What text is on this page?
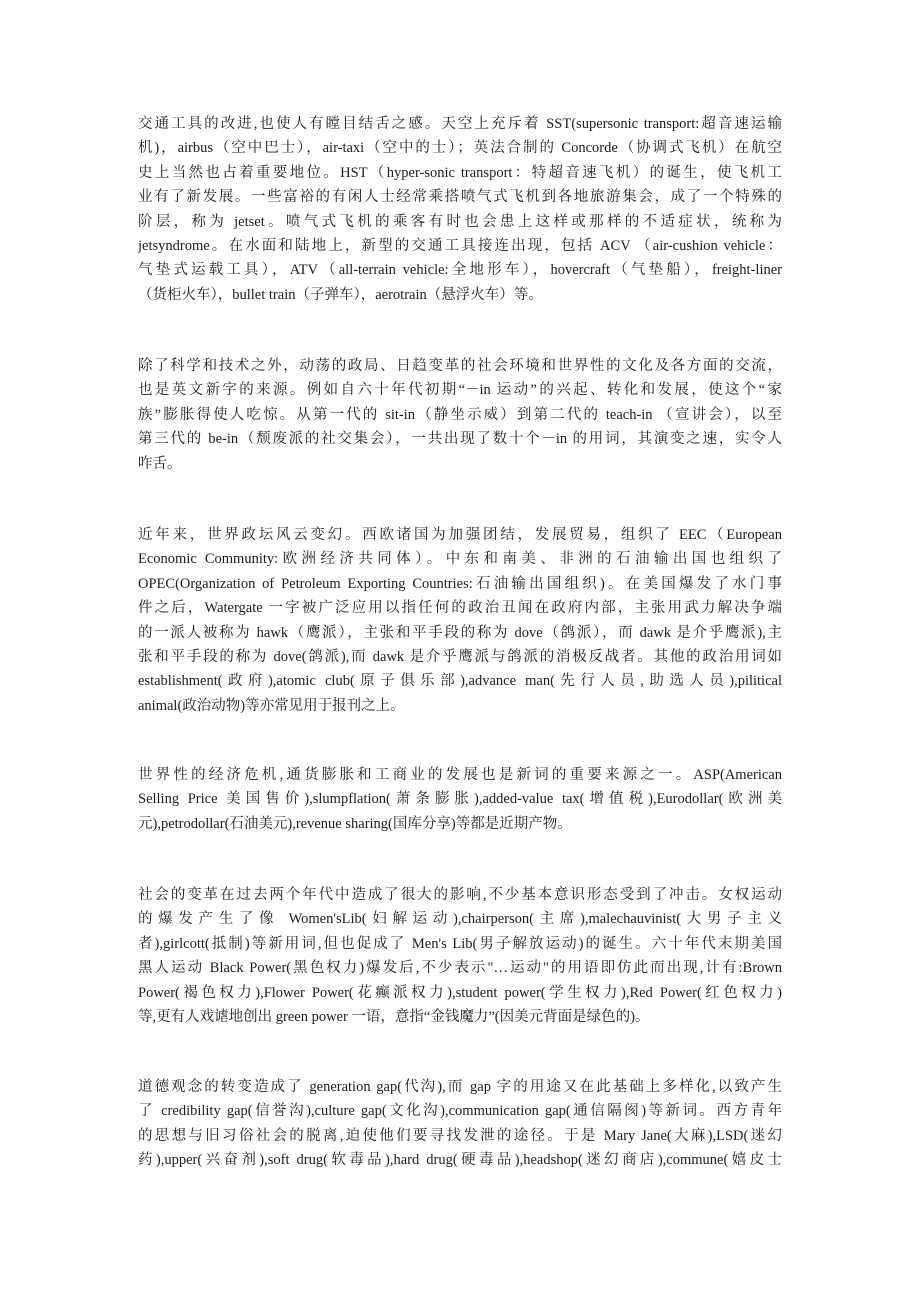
交通工具的改进,也使人有瞠目结舌之感。天空上充斥着 SST(supersonic transport:超音速运输
机)，airbus（空中巴士），air-taxi（空中的士）；英法合制的 Concorde（协调式飞机）在航空
史上当然也占着重要地位。HST（hyper-sonic transport：特超音速飞机）的诞生，使飞机工
业有了新发展。一些富裕的有闲人士经常乘搭喷气式飞机到各地旅游集会，成了一个特殊的
阶层，称为 jetset。喷气式飞机的乘客有时也会患上这样或那样的不适症状，统称为
jetsyndrome。在水面和陆地上，新型的交通工具接连出现，包括 ACV （air-cushion vehicle：
气垫式运载工具），ATV（all-terrain vehicle:全地形车），hovercraft（气垫船），freight-liner
（货柜火车），bullet train（子弹车），aerotrain（悬浮火车）等。
除了科学和技术之外，动荡的政局、日趋变革的社会环境和世界性的文化及各方面的交流，
也是英文新字的来源。例如自六十年代初期“－in 运动”的兴起、转化和发展，使这个“家
族”膨胀得使人吃惊。从第一代的 sit-in（静坐示威）到第二代的 teach-in （宣讲会），以至
第三代的 be-in（颓废派的社交集会），一共出现了数十个－in 的用词，其演变之速，实令人
咋舌。
近年来，世界政坛风云变幻。西欧诸国为加强团结，发展贸易，组织了 EEC（European
Economic Community:欧洲经济共同体）。中东和南美、非洲的石油输出国也组织了
OPEC(Organization of Petroleum Exporting Countries:石油输出国组织)。在美国爆发了水门事
件之后，Watergate 一字被广泛应用以指任何的政治丑闻在政府内部，主张用武力解决争端
的一派人被称为 hawk（鹰派），主张和平手段的称为 dove（鸽派），而 dawk 是介乎鹰派),主
张和平手段的称为 dove(鸽派),而 dawk 是介乎鹰派与鸽派的消极反战者。其他的政治用词如
establishment(政府),atomic club(原子俱乐部),advance man(先行人员,助选人员),pilitical
animal(政治动物)等亦常见用于报刊之上。
世界性的经济危机,通货膨胀和工商业的发展也是新词的重要来源之一。ASP(American
Selling Price 美国售价),slumpflation(萧条膨胀),added-value tax(增值税),Eurodollar(欧洲美
元),petrodollar(石油美元),revenue sharing(国库分享)等都是近期产物。
社会的变革在过去两个年代中造成了很大的影响,不少基本意识形态受到了冲击。女权运动
的爆发产生了像 Women'sLib(妇解运动),chairperson(主席),malechauvinist(大男子主义
者),girlcott(抵制)等新用词,但也促成了 Men's Lib(男子解放运动)的诞生。六十年代末期美国
黑人运动 Black Power(黑色权力)爆发后,不少表示"…运动"的用语即仿此而出现,计有:Brown
Power(褐色权力),Flower Power(花癫派权力),student power(学生权力),Red Power(红色权力)
等,更有人戏谑地创出 green power 一语，意指“金钱魔力”(因美元背面是绿色的)。
道德观念的转变造成了 generation gap(代沟),而 gap 字的用途又在此基础上多样化,以致产生
了 credibility gap(信誉沟),culture gap(文化沟),communication gap(通信隔阂)等新词。西方青年
的思想与旧习俗社会的脱离,迫使他们要寻找发泄的途径。于是 Mary Jane(大麻),LSD(迷幻
药),upper(兴奋剂),soft drug(软毒品),hard drug(硬毒品),headshop(迷幻商店),commune(嬉皮士
